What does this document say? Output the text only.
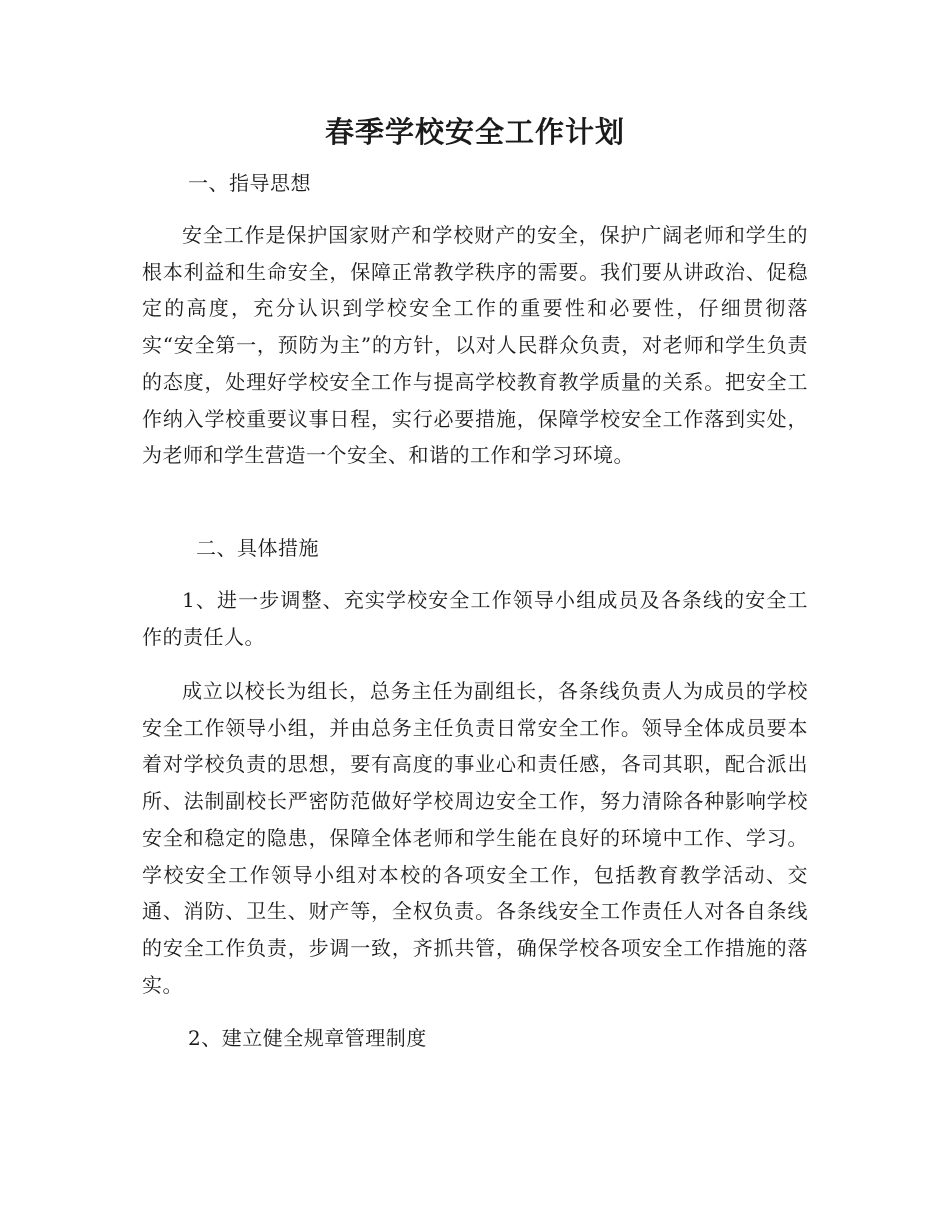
春季学校安全工作计划

一、指导思想

安全工作是保护国家财产和学校财产的安全，保护广阔老师和学生的根本利益和生命安全，保障正常教学秩序的需要。我们要从讲政治、促稳定的高度，充分认识到学校安全工作的重要性和必要性，仔细贯彻落实“安全第一，预防为主”的方针，以对人民群众负责，对老师和学生负责的态度，处理好学校安全工作与提高学校教育教学质量的关系。把安全工作纳入学校重要议事日程，实行必要措施，保障学校安全工作落到实处，为老师和学生营造一个安全、和谐的工作和学习环境。

二、具体措施

1、进一步调整、充实学校安全工作领导小组成员及各条线的安全工作的责任人。

成立以校长为组长，总务主任为副组长，各条线负责人为成员的学校安全工作领导小组，并由总务主任负责日常安全工作。领导全体成员要本着对学校负责的思想，要有高度的事业心和责任感，各司其职，配合派出所、法制副校长严密防范做好学校周边安全工作，努力清除各种影响学校安全和稳定的隐患，保障全体老师和学生能在良好的环境中工作、学习。学校安全工作领导小组对本校的各项安全工作，包括教育教学活动、交通、消防、卫生、财产等，全权负责。各条线安全工作责任人对各自条线的安全工作负责，步调一致，齐抓共管，确保学校各项安全工作措施的落实。

2、建立健全规章管理制度
